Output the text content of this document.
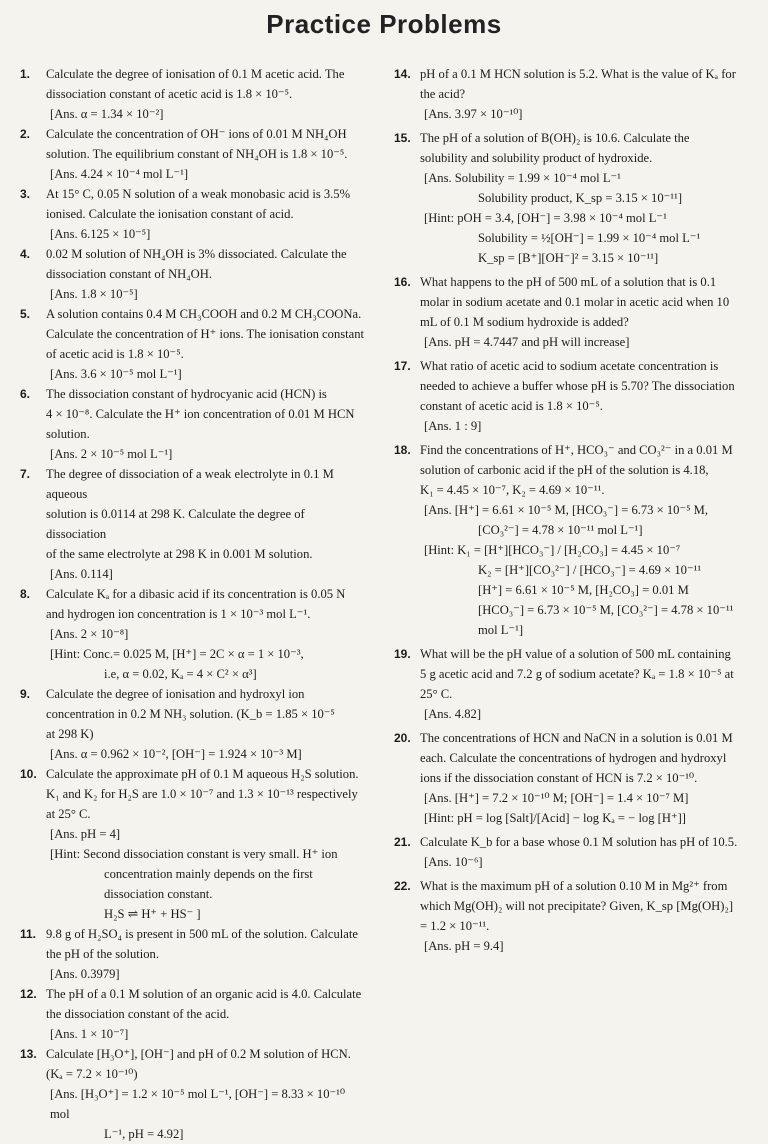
Practice Problems
1. Calculate the degree of ionisation of 0.1 M acetic acid. The
dissociation constant of acetic acid is 1.8 × 10⁻⁵.
[Ans. α = 1.34 × 10⁻²]
2. Calculate the concentration of OH⁻ ions of 0.01 M NH₄OH
solution. The equilibrium constant of NH₄OH is 1.8 × 10⁻⁵.
[Ans. 4.24 × 10⁻⁴ mol L⁻¹]
3. At 15° C, 0.05 N solution of a weak monobasic acid is 3.5%
ionised. Calculate the ionisation constant of acid.
[Ans. 6.125 × 10⁻⁵]
4. 0.02 M solution of NH₄OH is 3% dissociated. Calculate the
dissociation constant of NH₄OH.
[Ans. 1.8 × 10⁻⁵]
5. A solution contains 0.4 M CH₃COOH and 0.2 M CH₃COONa.
Calculate the concentration of H⁺ ions. The ionisation constant
of acetic acid is 1.8 × 10⁻⁵.
[Ans. 3.6 × 10⁻⁵ mol L⁻¹]
6. The dissociation constant of hydrocyanic acid (HCN) is
4 × 10⁻⁸. Calculate the H⁺ ion concentration of 0.01 M HCN
solution.
[Ans. 2 × 10⁻⁵ mol L⁻¹]
7. The degree of dissociation of a weak electrolyte in 0.1 M aqueous
solution is 0.0114 at 298 K. Calculate the degree of dissociation
of the same electrolyte at 298 K in 0.001 M solution.
[Ans. 0.114]
8. Calculate Kₐ for a dibasic acid if its concentration is 0.05 N
and hydrogen ion concentration is 1 × 10⁻³ mol L⁻¹.
[Ans. 2 × 10⁻⁸]
[Hint: Conc.= 0.025 M, [H⁺] = 2C × α = 1 × 10⁻³,
i.e, α = 0.02, Kₐ = 4 × C² × α³]
9. Calculate the degree of ionisation and hydroxyl ion
concentration in 0.2 M NH₃ solution. (K_b = 1.85 × 10⁻⁵
at 298 K)
[Ans. α = 0.962 × 10⁻², [OH⁻] = 1.924 × 10⁻³ M]
10. Calculate the approximate pH of 0.1 M aqueous H₂S solution.
K₁ and K₂ for H₂S are 1.0 × 10⁻⁷ and 1.3 × 10⁻¹³ respectively
at 25° C.
[Ans. pH = 4]
[Hint: Second dissociation constant is very small. H⁺ ion
concentration mainly depends on the first dissociation constant.
H₂S ⇌ H⁺ + HS⁻ ]
11. 9.8 g of H₂SO₄ is present in 500 mL of the solution. Calculate
the pH of the solution.
[Ans. 0.3979]
12. The pH of a 0.1 M solution of an organic acid is 4.0. Calculate
the dissociation constant of the acid.
[Ans. 1 × 10⁻⁷]
13. Calculate [H₃O⁺], [OH⁻] and pH of 0.2 M solution of HCN.
(Kₐ = 7.2 × 10⁻¹⁰)
[Ans. [H₃O⁺] = 1.2 × 10⁻⁵ mol L⁻¹, [OH⁻] = 8.33 × 10⁻¹⁰ mol
L⁻¹, pH = 4.92]
14. pH of a 0.1 M HCN solution is 5.2. What is the value of Kₐ for
the acid?
[Ans. 3.97 × 10⁻¹⁰]
15. The pH of a solution of B(OH)₂ is 10.6. Calculate the
solubility and solubility product of hydroxide.
[Ans. Solubility = 1.99 × 10⁻⁴ mol L⁻¹
Solubility product, K_sp = 3.15 × 10⁻¹¹]
[Hint: pOH = 3.4, [OH⁻] = 3.98 × 10⁻⁴ mol L⁻¹
Solubility = ½[OH⁻] = 1.99 × 10⁻⁴ mol L⁻¹
K_sp = [B⁺][OH⁻]² = 3.15 × 10⁻¹¹]
16. What happens to the pH of 500 mL of a solution that is 0.1
molar in sodium acetate and 0.1 molar in acetic acid when 10
mL of 0.1 M sodium hydroxide is added?
[Ans. pH = 4.7447 and pH will increase]
17. What ratio of acetic acid to sodium acetate concentration is
needed to achieve a buffer whose pH is 5.70? The dissociation
constant of acetic acid is 1.8 × 10⁻⁵.
[Ans. 1 : 9]
18. Find the concentrations of H⁺, HCO₃⁻ and CO₃²⁻ in a 0.01 M
solution of carbonic acid if the pH of the solution is 4.18,
K₁ = 4.45 × 10⁻⁷, K₂ = 4.69 × 10⁻¹¹.
[Ans. [H⁺] = 6.61 × 10⁻⁵ M, [HCO₃⁻] = 6.73 × 10⁻⁵ M,
[CO₃²⁻] = 4.78 × 10⁻¹¹ mol L⁻¹]
[Hint: K₁ = [H⁺][HCO₃⁻] / [H₂CO₃] = 4.45 × 10⁻⁷
K₂ = [H⁺][CO₃²⁻] / [HCO₃⁻] = 4.69 × 10⁻¹¹
[H⁺] = 6.61 × 10⁻⁵ M, [H₂CO₃] = 0.01 M
[HCO₃⁻] = 6.73 × 10⁻⁵ M, [CO₃²⁻] = 4.78 × 10⁻¹¹ mol L⁻¹]
19. What will be the pH value of a solution of 500 mL containing
5 g acetic acid and 7.2 g of sodium acetate? Kₐ = 1.8 × 10⁻⁵ at
25° C.
[Ans. 4.82]
20. The concentrations of HCN and NaCN in a solution is 0.01 M
each. Calculate the concentrations of hydrogen and hydroxyl
ions if the dissociation constant of HCN is 7.2 × 10⁻¹⁰.
[Ans. [H⁺] = 7.2 × 10⁻¹⁰ M; [OH⁻] = 1.4 × 10⁻⁷ M]
[Hint: pH = log [Salt]/[Acid] − log Kₐ = − log [H⁺]]
21. Calculate K_b for a base whose 0.1 M solution has pH of 10.5.
[Ans. 10⁻⁶]
22. What is the maximum pH of a solution 0.10 M in Mg²⁺ from
which Mg(OH)₂ will not precipitate? Given, K_sp [Mg(OH)₂]
= 1.2 × 10⁻¹¹.
[Ans. pH = 9.4]
